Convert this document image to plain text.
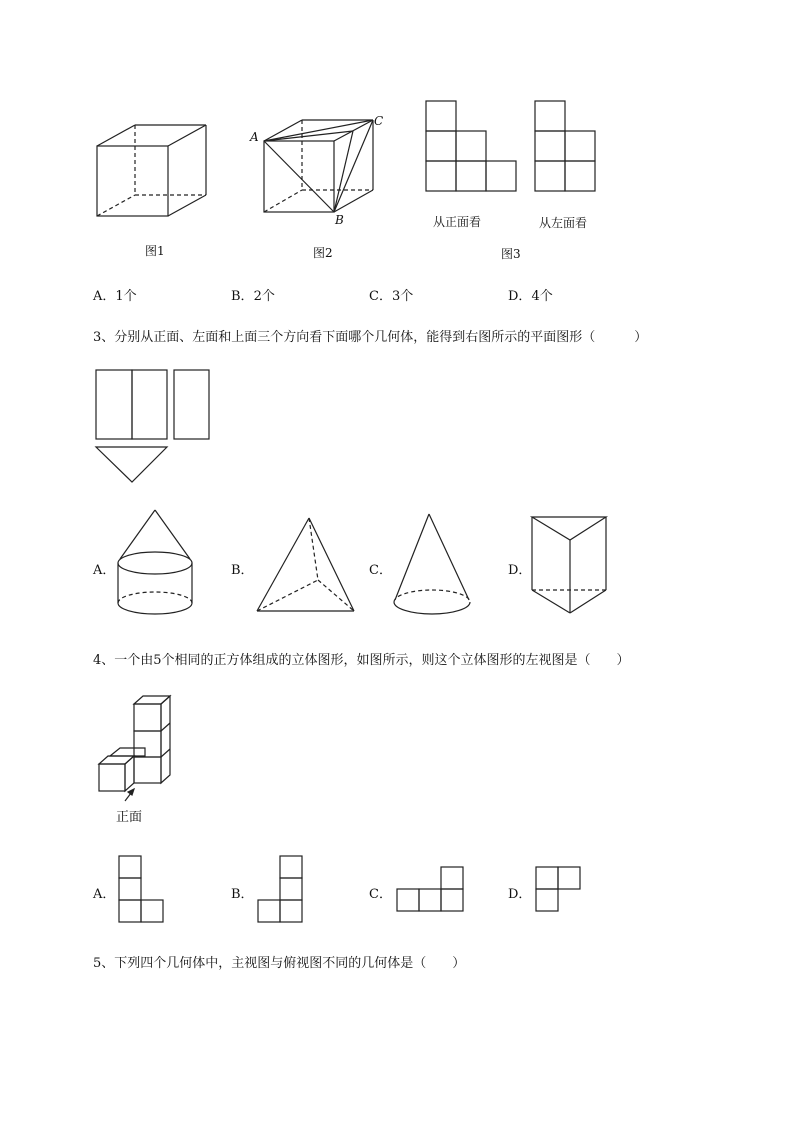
A
B
C
图1	图2
从正面看	从左面看
图3
A．1个	B．2个	C．3个	D．4个
3、分别从正面、左面和上面三个方向看下面哪个几何体，能得到右图所示的平面图形（　　　）
A．	B．	C．	D．
4、一个由5个相同的正方体组成的立体图形，如图所示，则这个立体图形的左视图是（　　）
正面
A．	B．	C．	D．
5、下列四个几何体中，主视图与俯视图不同的几何体是（　　）
